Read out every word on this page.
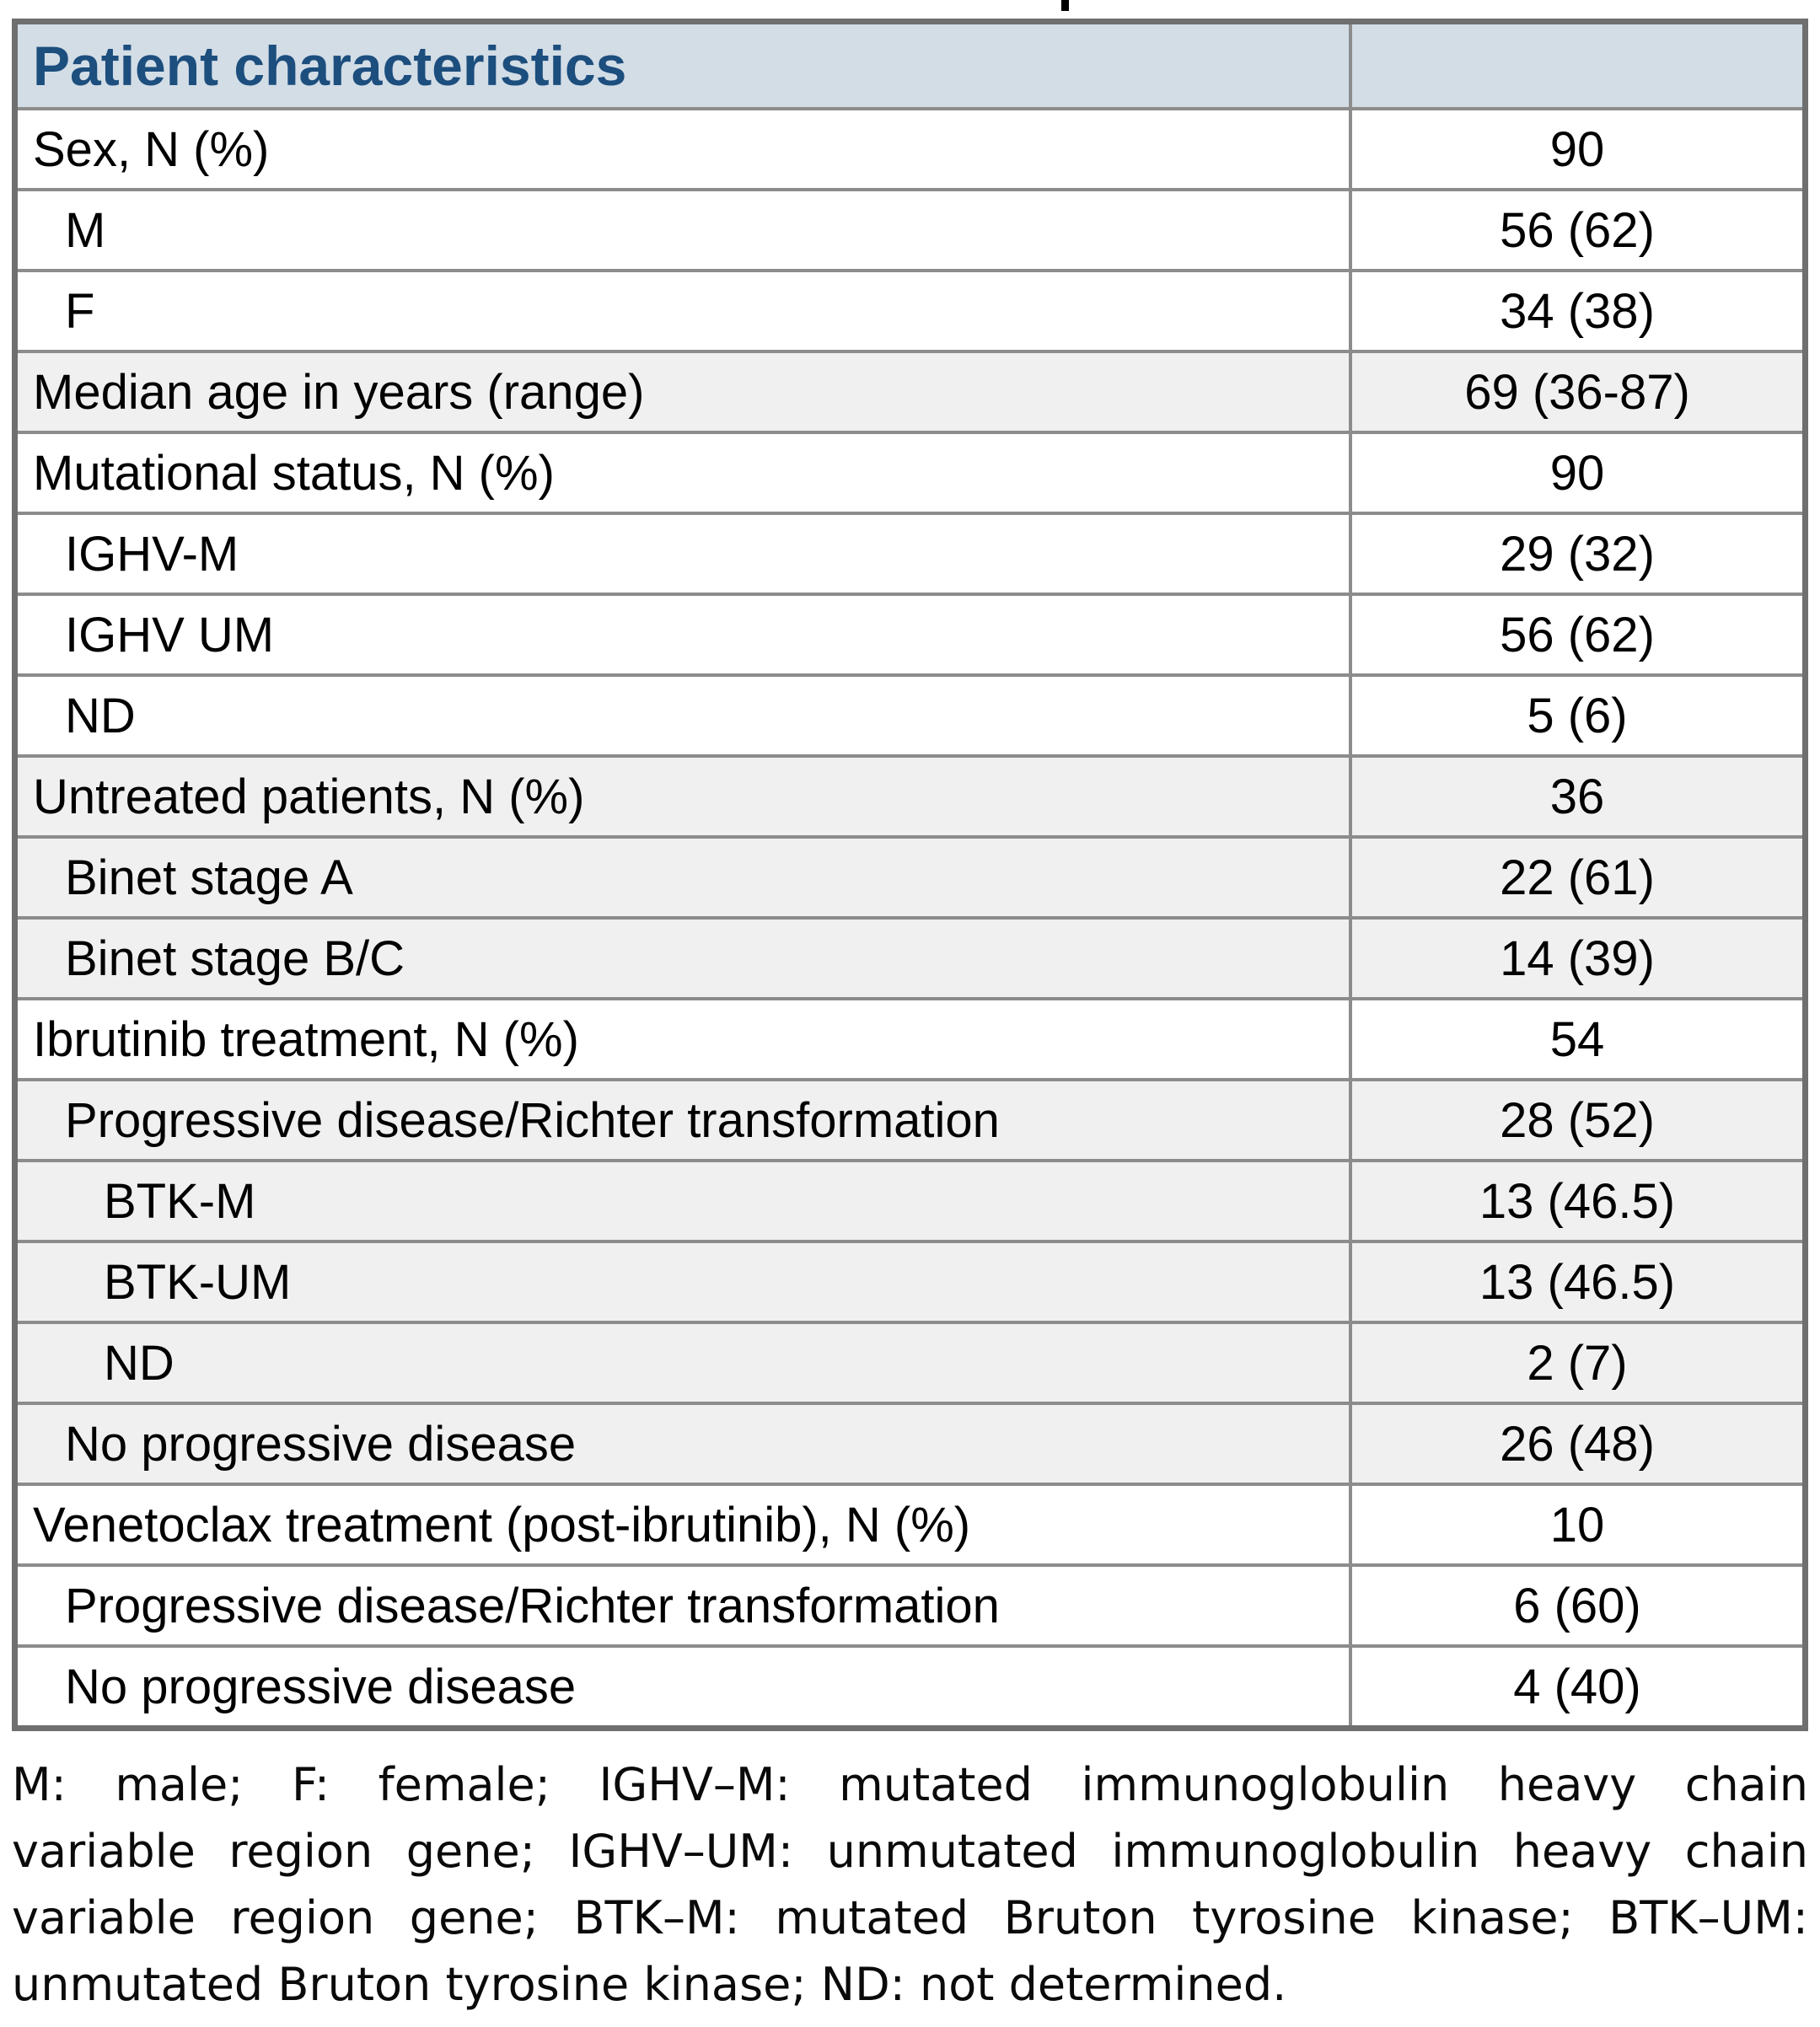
Patient characteristics	
Sex, N (%)	90
M	56 (62)
F	34 (38)
Median age in years (range)	69 (36-87)
Mutational status, N (%)	90
IGHV-M	29 (32)
IGHV UM	56 (62)
ND	5 (6)
Untreated patients, N (%)	36
Binet stage A	22 (61)
Binet stage B/C	14 (39)
Ibrutinib treatment, N (%)	54
Progressive disease/Richter transformation	28 (52)
BTK-M	13 (46.5)
BTK-UM	13 (46.5)
ND	2 (7)
No progressive disease	26 (48)
Venetoclax treatment (post-ibrutinib), N (%)	10
Progressive disease/Richter transformation	6 (60)
No progressive disease	4 (40)
M: male; F: female; IGHV–M: mutated immunoglobulin heavy chain
variable region gene; IGHV–UM: unmutated immunoglobulin heavy chain
variable region gene; BTK–M: mutated Bruton tyrosine kinase; BTK–UM:
unmutated Bruton tyrosine kinase; ND: not determined.
